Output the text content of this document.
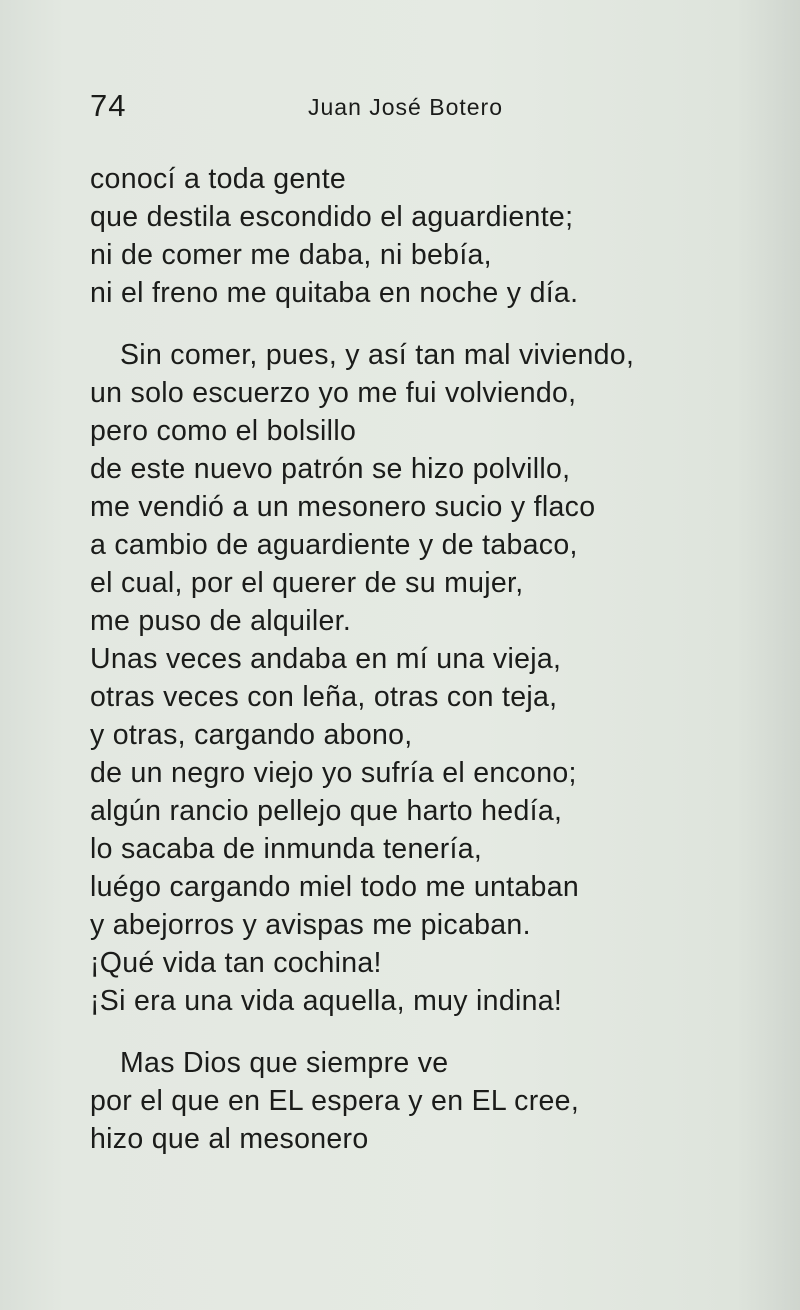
74	Juan José Botero
conocí a toda gente
que destila escondido el aguardiente;
ni de comer me daba, ni bebía,
ni el freno me quitaba en noche y día.
Sin comer, pues, y así tan mal viviendo,
un solo escuerzo yo me fui volviendo,
pero como el bolsillo
de este nuevo patrón se hizo polvillo,
me vendió a un mesonero sucio y flaco
a cambio de aguardiente y de tabaco,
el cual, por el querer de su mujer,
me puso de alquiler.
Unas veces andaba en mí una vieja,
otras veces con leña, otras con teja,
y otras, cargando abono,
de un negro viejo yo sufría el encono;
algún rancio pellejo que harto hedía,
lo sacaba de inmunda tenería,
luégo cargando miel todo me untaban
y abejorros y avispas me picaban.
¡Qué vida tan cochina!
¡Si era una vida aquella, muy indina!
Mas Dios que siempre ve
por el que en EL espera y en EL cree,
hizo que al mesonero
